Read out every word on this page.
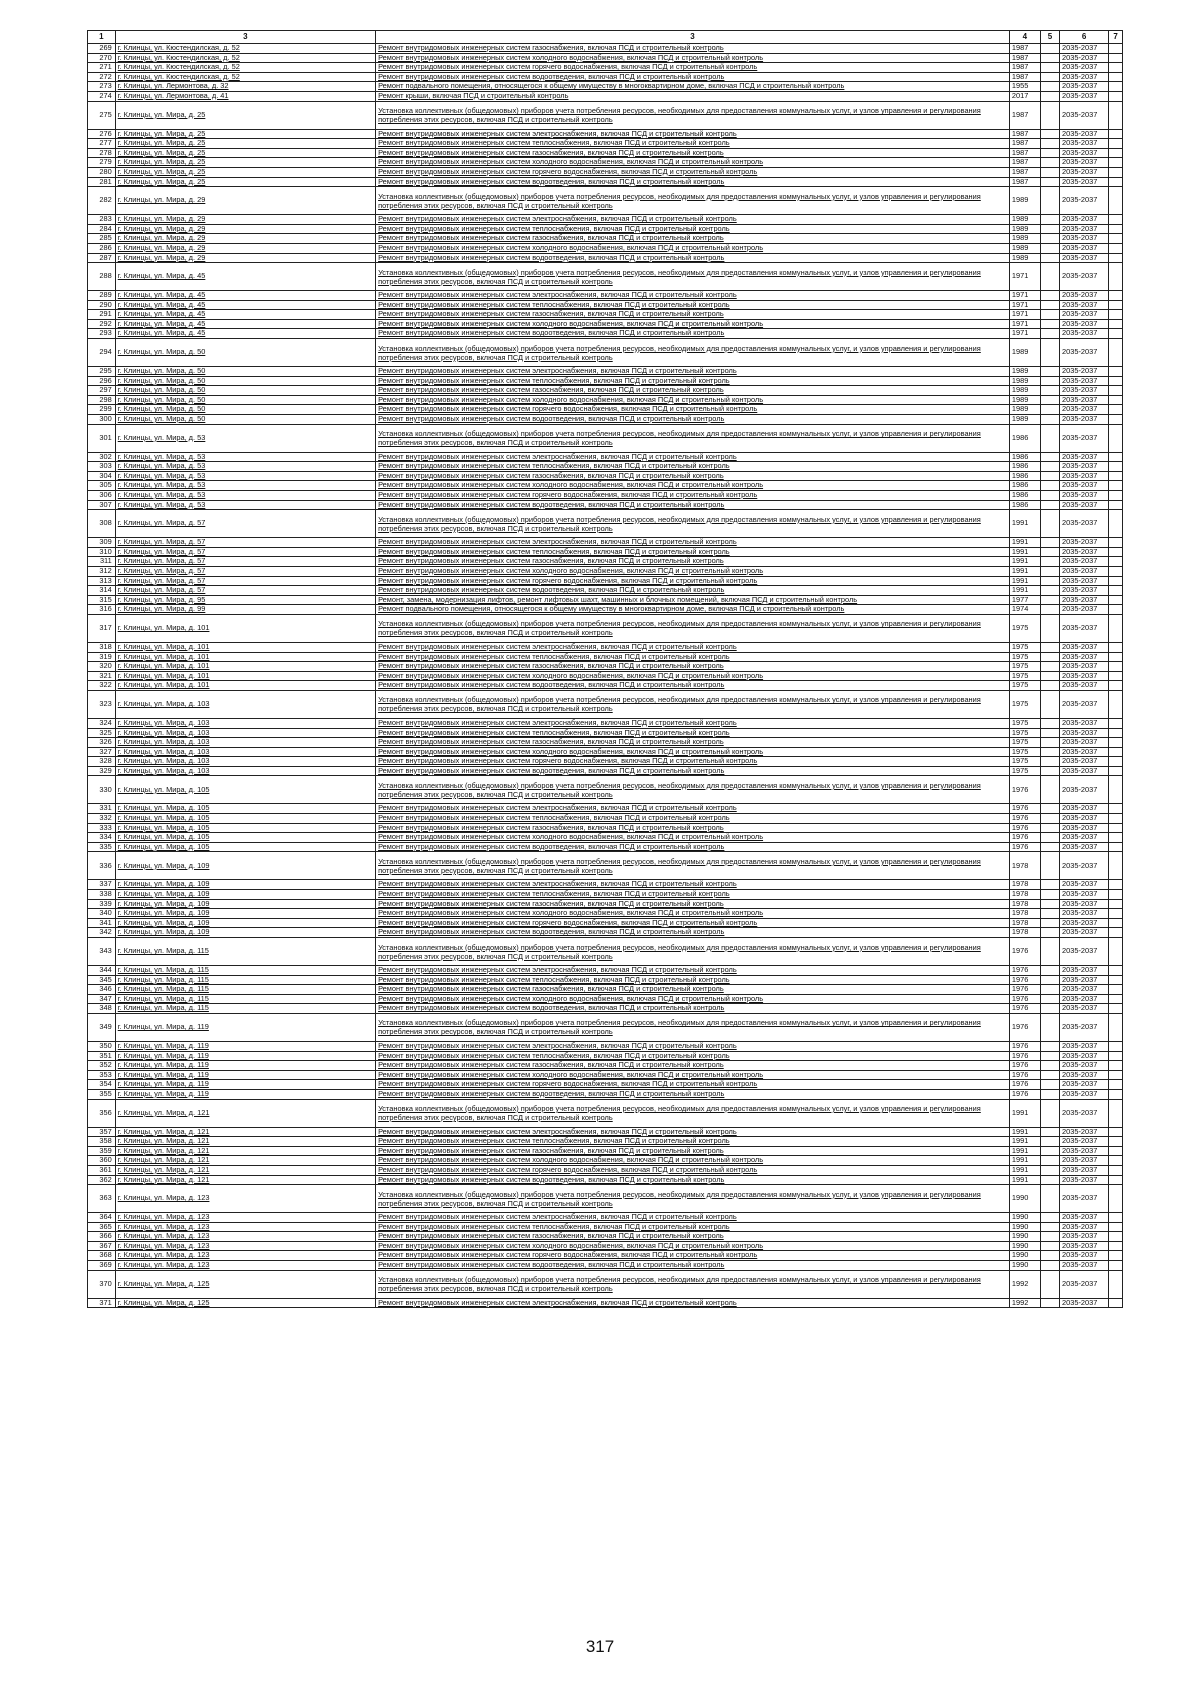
1	3	3	4	5	6	7
269	г. Клинцы, ул. Кюстендилская, д. 52	Ремонт внутридомовых инженерных систем газоснабжения, включая ПСД и строительный контроль	1987		2035-2037	
270	г. Клинцы, ул. Кюстендилская, д. 52	Ремонт внутридомовых инженерных систем холодного водоснабжения, включая ПСД и строительный контроль	1987		2035-2037	
271	г. Клинцы, ул. Кюстендилская, д. 52	Ремонт внутридомовых инженерных систем горячего водоснабжения, включая ПСД и строительный контроль	1987		2035-2037	
272	г. Клинцы, ул. Кюстендилская, д. 52	Ремонт внутридомовых инженерных систем водоотведения, включая ПСД и строительный контроль	1987		2035-2037	
273	г. Клинцы, ул. Лермонтова, д. 32	Ремонт подвального помещения, относящегося к общему имуществу в многоквартирном доме, включая ПСД и строительный контроль	1955		2035-2037	
274	г. Клинцы, ул. Лермонтова, д. 41	Ремонт крыши, включая ПСД и строительный контроль	2017		2035-2037	
275	г. Клинцы, ул. Мира, д. 25	Установка коллективных (общедомовых) приборов учета потребления ресурсов, необходимых для предоставления коммунальных услуг, и узлов управления и регулирования потребления этих ресурсов, включая ПСД и строительный контроль	1987		2035-2037	
276	г. Клинцы, ул. Мира, д. 25	Ремонт внутридомовых инженерных систем электроснабжения, включая ПСД и строительный контроль	1987		2035-2037	
277	г. Клинцы, ул. Мира, д. 25	Ремонт внутридомовых инженерных систем теплоснабжения, включая ПСД и строительный контроль	1987		2035-2037	
278	г. Клинцы, ул. Мира, д. 25	Ремонт внутридомовых инженерных систем газоснабжения, включая ПСД и строительный контроль	1987		2035-2037	
279	г. Клинцы, ул. Мира, д. 25	Ремонт внутридомовых инженерных систем холодного водоснабжения, включая ПСД и строительный контроль	1987		2035-2037	
280	г. Клинцы, ул. Мира, д. 25	Ремонт внутридомовых инженерных систем горячего водоснабжения, включая ПСД и строительный контроль	1987		2035-2037	
281	г. Клинцы, ул. Мира, д. 25	Ремонт внутридомовых инженерных систем водоотведения, включая ПСД и строительный контроль	1987		2035-2037	
282	г. Клинцы, ул. Мира, д. 29	Установка коллективных (общедомовых) приборов учета потребления ресурсов, необходимых для предоставления коммунальных услуг, и узлов управления и регулирования потребления этих ресурсов, включая ПСД и строительный контроль	1989		2035-2037	
283	г. Клинцы, ул. Мира, д. 29	Ремонт внутридомовых инженерных систем электроснабжения, включая ПСД и строительный контроль	1989		2035-2037	
284	г. Клинцы, ул. Мира, д. 29	Ремонт внутридомовых инженерных систем теплоснабжения, включая ПСД и строительный контроль	1989		2035-2037	
285	г. Клинцы, ул. Мира, д. 29	Ремонт внутридомовых инженерных систем газоснабжения, включая ПСД и строительный контроль	1989		2035-2037	
286	г. Клинцы, ул. Мира, д. 29	Ремонт внутридомовых инженерных систем холодного водоснабжения, включая ПСД и строительный контроль	1989		2035-2037	
287	г. Клинцы, ул. Мира, д. 29	Ремонт внутридомовых инженерных систем водоотведения, включая ПСД и строительный контроль	1989		2035-2037	
288	г. Клинцы, ул. Мира, д. 45	Установка коллективных (общедомовых) приборов учета потребления ресурсов, необходимых для предоставления коммунальных услуг, и узлов управления и регулирования потребления этих ресурсов, включая ПСД и строительный контроль	1971		2035-2037	
289	г. Клинцы, ул. Мира, д. 45	Ремонт внутридомовых инженерных систем электроснабжения, включая ПСД и строительный контроль	1971		2035-2037	
290	г. Клинцы, ул. Мира, д. 45	Ремонт внутридомовых инженерных систем теплоснабжения, включая ПСД и строительный контроль	1971		2035-2037	
291	г. Клинцы, ул. Мира, д. 45	Ремонт внутридомовых инженерных систем газоснабжения, включая ПСД и строительный контроль	1971		2035-2037	
292	г. Клинцы, ул. Мира, д. 45	Ремонт внутридомовых инженерных систем холодного водоснабжения, включая ПСД и строительный контроль	1971		2035-2037	
293	г. Клинцы, ул. Мира, д. 45	Ремонт внутридомовых инженерных систем водоотведения, включая ПСД и строительный контроль	1971		2035-2037	
294	г. Клинцы, ул. Мира, д. 50	Установка коллективных (общедомовых) приборов учета потребления ресурсов, необходимых для предоставления коммунальных услуг, и узлов управления и регулирования потребления этих ресурсов, включая ПСД и строительный контроль	1989		2035-2037	
295	г. Клинцы, ул. Мира, д. 50	Ремонт внутридомовых инженерных систем электроснабжения, включая ПСД и строительный контроль	1989		2035-2037	
296	г. Клинцы, ул. Мира, д. 50	Ремонт внутридомовых инженерных систем теплоснабжения, включая ПСД и строительный контроль	1989		2035-2037	
297	г. Клинцы, ул. Мира, д. 50	Ремонт внутридомовых инженерных систем газоснабжения, включая ПСД и строительный контроль	1989		2035-2037	
298	г. Клинцы, ул. Мира, д. 50	Ремонт внутридомовых инженерных систем холодного водоснабжения, включая ПСД и строительный контроль	1989		2035-2037	
299	г. Клинцы, ул. Мира, д. 50	Ремонт внутридомовых инженерных систем горячего водоснабжения, включая ПСД и строительный контроль	1989		2035-2037	
300	г. Клинцы, ул. Мира, д. 50	Ремонт внутридомовых инженерных систем водоотведения, включая ПСД и строительный контроль	1989		2035-2037	
301	г. Клинцы, ул. Мира, д. 53	Установка коллективных (общедомовых) приборов учета потребления ресурсов, необходимых для предоставления коммунальных услуг, и узлов управления и регулирования потребления этих ресурсов, включая ПСД и строительный контроль	1986		2035-2037	
302	г. Клинцы, ул. Мира, д. 53	Ремонт внутридомовых инженерных систем электроснабжения, включая ПСД и строительный контроль	1986		2035-2037	
303	г. Клинцы, ул. Мира, д. 53	Ремонт внутридомовых инженерных систем теплоснабжения, включая ПСД и строительный контроль	1986		2035-2037	
304	г. Клинцы, ул. Мира, д. 53	Ремонт внутридомовых инженерных систем газоснабжения, включая ПСД и строительный контроль	1986		2035-2037	
305	г. Клинцы, ул. Мира, д. 53	Ремонт внутридомовых инженерных систем холодного водоснабжения, включая ПСД и строительный контроль	1986		2035-2037	
306	г. Клинцы, ул. Мира, д. 53	Ремонт внутридомовых инженерных систем горячего водоснабжения, включая ПСД и строительный контроль	1986		2035-2037	
307	г. Клинцы, ул. Мира, д. 53	Ремонт внутридомовых инженерных систем водоотведения, включая ПСД и строительный контроль	1986		2035-2037	
308	г. Клинцы, ул. Мира, д. 57	Установка коллективных (общедомовых) приборов учета потребления ресурсов, необходимых для предоставления коммунальных услуг, и узлов управления и регулирования потребления этих ресурсов, включая ПСД и строительный контроль	1991		2035-2037	
309	г. Клинцы, ул. Мира, д. 57	Ремонт внутридомовых инженерных систем электроснабжения, включая ПСД и строительный контроль	1991		2035-2037	
310	г. Клинцы, ул. Мира, д. 57	Ремонт внутридомовых инженерных систем теплоснабжения, включая ПСД и строительный контроль	1991		2035-2037	
311	г. Клинцы, ул. Мира, д. 57	Ремонт внутридомовых инженерных систем газоснабжения, включая ПСД и строительный контроль	1991		2035-2037	
312	г. Клинцы, ул. Мира, д. 57	Ремонт внутридомовых инженерных систем холодного водоснабжения, включая ПСД и строительный контроль	1991		2035-2037	
313	г. Клинцы, ул. Мира, д. 57	Ремонт внутридомовых инженерных систем горячего водоснабжения, включая ПСД и строительный контроль	1991		2035-2037	
314	г. Клинцы, ул. Мира, д. 57	Ремонт внутридомовых инженерных систем водоотведения, включая ПСД и строительный контроль	1991		2035-2037	
315	г. Клинцы, ул. Мира, д. 95	Ремонт, замена, модернизация лифтов, ремонт лифтовых шахт, машинных и блочных помещений, включая ПСД и строительный контроль	1977		2035-2037	
316	г. Клинцы, ул. Мира, д. 99	Ремонт подвального помещения, относящегося к общему имуществу в многоквартирном доме, включая ПСД и строительный контроль	1974		2035-2037	
317	г. Клинцы, ул. Мира, д. 101	Установка коллективных (общедомовых) приборов учета потребления ресурсов, необходимых для предоставления коммунальных услуг, и узлов управления и регулирования потребления этих ресурсов, включая ПСД и строительный контроль	1975		2035-2037	
318	г. Клинцы, ул. Мира, д. 101	Ремонт внутридомовых инженерных систем электроснабжения, включая ПСД и строительный контроль	1975		2035-2037	
319	г. Клинцы, ул. Мира, д. 101	Ремонт внутридомовых инженерных систем теплоснабжения, включая ПСД и строительный контроль	1975		2035-2037	
320	г. Клинцы, ул. Мира, д. 101	Ремонт внутридомовых инженерных систем газоснабжения, включая ПСД и строительный контроль	1975		2035-2037	
321	г. Клинцы, ул. Мира, д. 101	Ремонт внутридомовых инженерных систем холодного водоснабжения, включая ПСД и строительный контроль	1975		2035-2037	
322	г. Клинцы, ул. Мира, д. 101	Ремонт внутридомовых инженерных систем водоотведения, включая ПСД и строительный контроль	1975		2035-2037	
323	г. Клинцы, ул. Мира, д. 103	Установка коллективных (общедомовых) приборов учета потребления ресурсов, необходимых для предоставления коммунальных услуг, и узлов управления и регулирования потребления этих ресурсов, включая ПСД и строительный контроль	1975		2035-2037	
324	г. Клинцы, ул. Мира, д. 103	Ремонт внутридомовых инженерных систем электроснабжения, включая ПСД и строительный контроль	1975		2035-2037	
325	г. Клинцы, ул. Мира, д. 103	Ремонт внутридомовых инженерных систем теплоснабжения, включая ПСД и строительный контроль	1975		2035-2037	
326	г. Клинцы, ул. Мира, д. 103	Ремонт внутридомовых инженерных систем газоснабжения, включая ПСД и строительный контроль	1975		2035-2037	
327	г. Клинцы, ул. Мира, д. 103	Ремонт внутридомовых инженерных систем холодного водоснабжения, включая ПСД и строительный контроль	1975		2035-2037	
328	г. Клинцы, ул. Мира, д. 103	Ремонт внутридомовых инженерных систем горячего водоснабжения, включая ПСД и строительный контроль	1975		2035-2037	
329	г. Клинцы, ул. Мира, д. 103	Ремонт внутридомовых инженерных систем водоотведения, включая ПСД и строительный контроль	1975		2035-2037	
330	г. Клинцы, ул. Мира, д. 105	Установка коллективных (общедомовых) приборов учета потребления ресурсов, необходимых для предоставления коммунальных услуг, и узлов управления и регулирования потребления этих ресурсов, включая ПСД и строительный контроль	1976		2035-2037	
331	г. Клинцы, ул. Мира, д. 105	Ремонт внутридомовых инженерных систем электроснабжения, включая ПСД и строительный контроль	1976		2035-2037	
332	г. Клинцы, ул. Мира, д. 105	Ремонт внутридомовых инженерных систем теплоснабжения, включая ПСД и строительный контроль	1976		2035-2037	
333	г. Клинцы, ул. Мира, д. 105	Ремонт внутридомовых инженерных систем газоснабжения, включая ПСД и строительный контроль	1976		2035-2037	
334	г. Клинцы, ул. Мира, д. 105	Ремонт внутридомовых инженерных систем холодного водоснабжения, включая ПСД и строительный контроль	1976		2035-2037	
335	г. Клинцы, ул. Мира, д. 105	Ремонт внутридомовых инженерных систем водоотведения, включая ПСД и строительный контроль	1976		2035-2037	
336	г. Клинцы, ул. Мира, д. 109	Установка коллективных (общедомовых) приборов учета потребления ресурсов, необходимых для предоставления коммунальных услуг, и узлов управления и регулирования потребления этих ресурсов, включая ПСД и строительный контроль	1978		2035-2037	
337	г. Клинцы, ул. Мира, д. 109	Ремонт внутридомовых инженерных систем электроснабжения, включая ПСД и строительный контроль	1978		2035-2037	
338	г. Клинцы, ул. Мира, д. 109	Ремонт внутридомовых инженерных систем теплоснабжения, включая ПСД и строительный контроль	1978		2035-2037	
339	г. Клинцы, ул. Мира, д. 109	Ремонт внутридомовых инженерных систем газоснабжения, включая ПСД и строительный контроль	1978		2035-2037	
340	г. Клинцы, ул. Мира, д. 109	Ремонт внутридомовых инженерных систем холодного водоснабжения, включая ПСД и строительный контроль	1978		2035-2037	
341	г. Клинцы, ул. Мира, д. 109	Ремонт внутридомовых инженерных систем горячего водоснабжения, включая ПСД и строительный контроль	1978		2035-2037	
342	г. Клинцы, ул. Мира, д. 109	Ремонт внутридомовых инженерных систем водоотведения, включая ПСД и строительный контроль	1978		2035-2037	
343	г. Клинцы, ул. Мира, д. 115	Установка коллективных (общедомовых) приборов учета потребления ресурсов, необходимых для предоставления коммунальных услуг, и узлов управления и регулирования потребления этих ресурсов, включая ПСД и строительный контроль	1976		2035-2037	
344	г. Клинцы, ул. Мира, д. 115	Ремонт внутридомовых инженерных систем электроснабжения, включая ПСД и строительный контроль	1976		2035-2037	
345	г. Клинцы, ул. Мира, д. 115	Ремонт внутридомовых инженерных систем теплоснабжения, включая ПСД и строительный контроль	1976		2035-2037	
346	г. Клинцы, ул. Мира, д. 115	Ремонт внутридомовых инженерных систем газоснабжения, включая ПСД и строительный контроль	1976		2035-2037	
347	г. Клинцы, ул. Мира, д. 115	Ремонт внутридомовых инженерных систем холодного водоснабжения, включая ПСД и строительный контроль	1976		2035-2037	
348	г. Клинцы, ул. Мира, д. 115	Ремонт внутридомовых инженерных систем водоотведения, включая ПСД и строительный контроль	1976		2035-2037	
349	г. Клинцы, ул. Мира, д. 119	Установка коллективных (общедомовых) приборов учета потребления ресурсов, необходимых для предоставления коммунальных услуг, и узлов управления и регулирования потребления этих ресурсов, включая ПСД и строительный контроль	1976		2035-2037	
350	г. Клинцы, ул. Мира, д. 119	Ремонт внутридомовых инженерных систем электроснабжения, включая ПСД и строительный контроль	1976		2035-2037	
351	г. Клинцы, ул. Мира, д. 119	Ремонт внутридомовых инженерных систем теплоснабжения, включая ПСД и строительный контроль	1976		2035-2037	
352	г. Клинцы, ул. Мира, д. 119	Ремонт внутридомовых инженерных систем газоснабжения, включая ПСД и строительный контроль	1976		2035-2037	
353	г. Клинцы, ул. Мира, д. 119	Ремонт внутридомовых инженерных систем холодного водоснабжения, включая ПСД и строительный контроль	1976		2035-2037	
354	г. Клинцы, ул. Мира, д. 119	Ремонт внутридомовых инженерных систем горячего водоснабжения, включая ПСД и строительный контроль	1976		2035-2037	
355	г. Клинцы, ул. Мира, д. 119	Ремонт внутридомовых инженерных систем водоотведения, включая ПСД и строительный контроль	1976		2035-2037	
356	г. Клинцы, ул. Мира, д. 121	Установка коллективных (общедомовых) приборов учета потребления ресурсов, необходимых для предоставления коммунальных услуг, и узлов управления и регулирования потребления этих ресурсов, включая ПСД и строительный контроль	1991		2035-2037	
357	г. Клинцы, ул. Мира, д. 121	Ремонт внутридомовых инженерных систем электроснабжения, включая ПСД и строительный контроль	1991		2035-2037	
358	г. Клинцы, ул. Мира, д. 121	Ремонт внутридомовых инженерных систем теплоснабжения, включая ПСД и строительный контроль	1991		2035-2037	
359	г. Клинцы, ул. Мира, д. 121	Ремонт внутридомовых инженерных систем газоснабжения, включая ПСД и строительный контроль	1991		2035-2037	
360	г. Клинцы, ул. Мира, д. 121	Ремонт внутридомовых инженерных систем холодного водоснабжения, включая ПСД и строительный контроль	1991		2035-2037	
361	г. Клинцы, ул. Мира, д. 121	Ремонт внутридомовых инженерных систем горячего водоснабжения, включая ПСД и строительный контроль	1991		2035-2037	
362	г. Клинцы, ул. Мира, д. 121	Ремонт внутридомовых инженерных систем водоотведения, включая ПСД и строительный контроль	1991		2035-2037	
363	г. Клинцы, ул. Мира, д. 123	Установка коллективных (общедомовых) приборов учета потребления ресурсов, необходимых для предоставления коммунальных услуг, и узлов управления и регулирования потребления этих ресурсов, включая ПСД и строительный контроль	1990		2035-2037	
364	г. Клинцы, ул. Мира, д. 123	Ремонт внутридомовых инженерных систем электроснабжения, включая ПСД и строительный контроль	1990		2035-2037	
365	г. Клинцы, ул. Мира, д. 123	Ремонт внутридомовых инженерных систем теплоснабжения, включая ПСД и строительный контроль	1990		2035-2037	
366	г. Клинцы, ул. Мира, д. 123	Ремонт внутридомовых инженерных систем газоснабжения, включая ПСД и строительный контроль	1990		2035-2037	
367	г. Клинцы, ул. Мира, д. 123	Ремонт внутридомовых инженерных систем холодного водоснабжения, включая ПСД и строительный контроль	1990		2035-2037	
368	г. Клинцы, ул. Мира, д. 123	Ремонт внутридомовых инженерных систем горячего водоснабжения, включая ПСД и строительный контроль	1990		2035-2037	
369	г. Клинцы, ул. Мира, д. 123	Ремонт внутридомовых инженерных систем водоотведения, включая ПСД и строительный контроль	1990		2035-2037	
370	г. Клинцы, ул. Мира, д. 125	Установка коллективных (общедомовых) приборов учета потребления ресурсов, необходимых для предоставления коммунальных услуг, и узлов управления и регулирования потребления этих ресурсов, включая ПСД и строительный контроль	1992		2035-2037	
371	г. Клинцы, ул. Мира, д. 125	Ремонт внутридомовых инженерных систем электроснабжения, включая ПСД и строительный контроль	1992		2035-2037	
317
